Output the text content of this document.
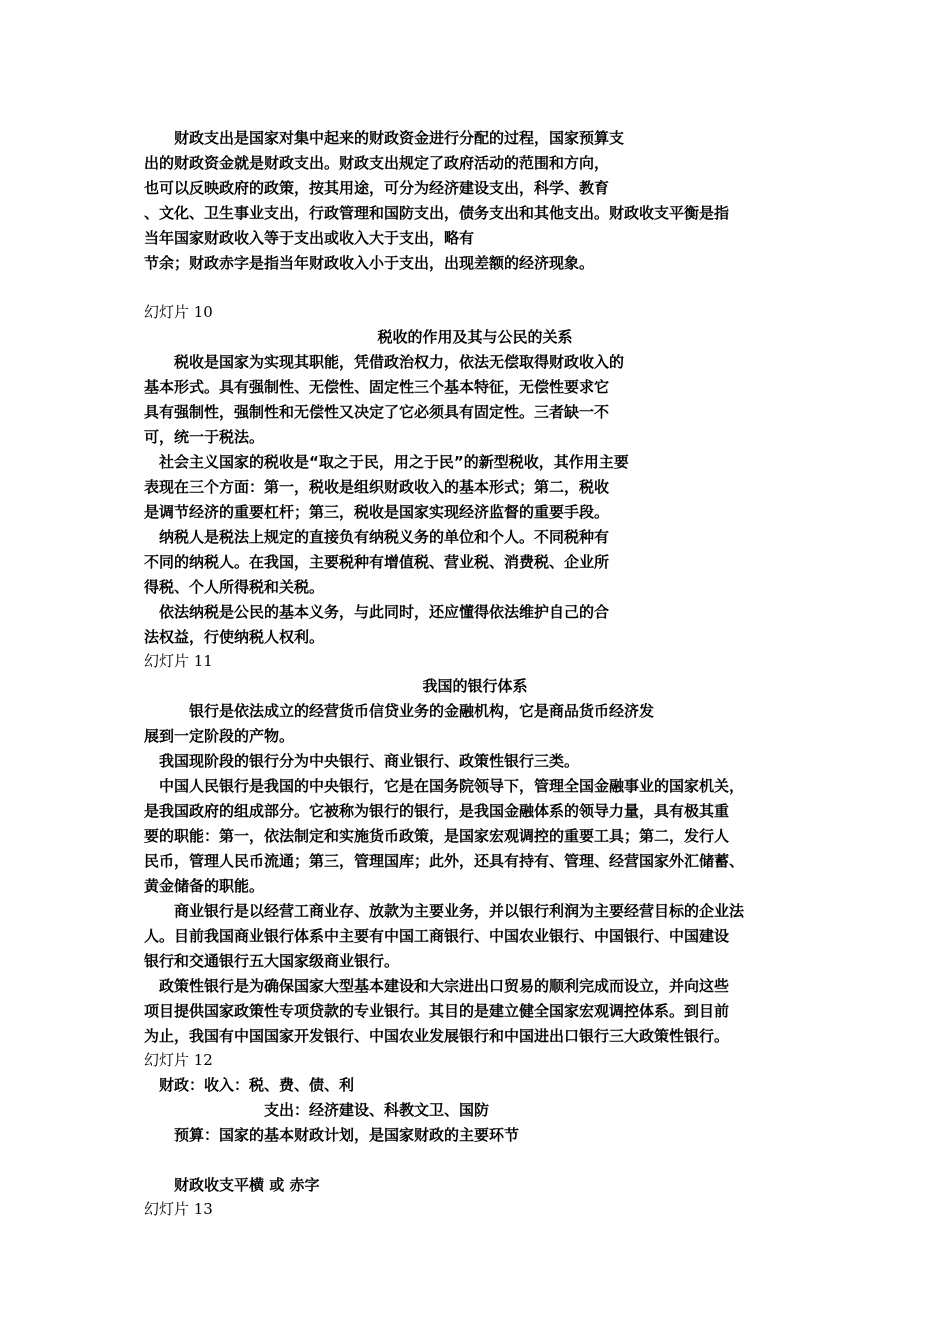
　　财政支出是国家对集中起来的财政资金进行分配的过程，国家预算支
出的财政资金就是财政支出。财政支出规定了政府活动的范围和方向，
也可以反映政府的政策，按其用途，可分为经济建设支出，科学、教育
、文化、卫生事业支出，行政管理和国防支出，债务支出和其他支出。财政收支平衡是指
当年国家财政收入等于支出或收入大于支出，略有
节余；财政赤字是指当年财政收入小于支出，出现差额的经济现象。
幻灯片 10
税收的作用及其与公民的关系
　　税收是国家为实现其职能，凭借政治权力，依法无偿取得财政收入的
基本形式。具有强制性、无偿性、固定性三个基本特征，无偿性要求它
具有强制性，强制性和无偿性又决定了它必须具有固定性。三者缺一不
可，统一于税法。
　社会主义国家的税收是“取之于民，用之于民”的新型税收，其作用主要
表现在三个方面：第一，税收是组织财政收入的基本形式；第二，税收
是调节经济的重要杠杆；第三，税收是国家实现经济监督的重要手段。
　纳税人是税法上规定的直接负有纳税义务的单位和个人。不同税种有
不同的纳税人。在我国，主要税种有增值税、营业税、消费税、企业所
得税、个人所得税和关税。
　依法纳税是公民的基本义务，与此同时，还应懂得依法维护自己的合
法权益，行使纳税人权利。
幻灯片 11
我国的银行体系
　　　银行是依法成立的经营货币信贷业务的金融机构，它是商品货币经济发
展到一定阶段的产物。
　我国现阶段的银行分为中央银行、商业银行、政策性银行三类。
　中国人民银行是我国的中央银行，它是在国务院领导下，管理全国金融事业的国家机关，
是我国政府的组成部分。它被称为银行的银行，是我国金融体系的领导力量，具有极其重
要的职能：第一，依法制定和实施货币政策，是国家宏观调控的重要工具；第二，发行人
民币，管理人民币流通；第三，管理国库；此外，还具有持有、管理、经营国家外汇储蓄、
黄金储备的职能。
　　商业银行是以经营工商业存、放款为主要业务，并以银行利润为主要经营目标的企业法
人。目前我国商业银行体系中主要有中国工商银行、中国农业银行、中国银行、中国建设
银行和交通银行五大国家级商业银行。
　政策性银行是为确保国家大型基本建设和大宗进出口贸易的顺利完成而设立，并向这些
项目提供国家政策性专项贷款的专业银行。其目的是建立健全国家宏观调控体系。到目前
为止，我国有中国国家开发银行、中国农业发展银行和中国进出口银行三大政策性银行。
幻灯片 12
　财政：收入：税、费、债、利
　　　　　　　　支出：经济建设、科教文卫、国防
　　预算：国家的基本财政计划，是国家财政的主要环节
　　财政收支平横 或 赤字
幻灯片 13
